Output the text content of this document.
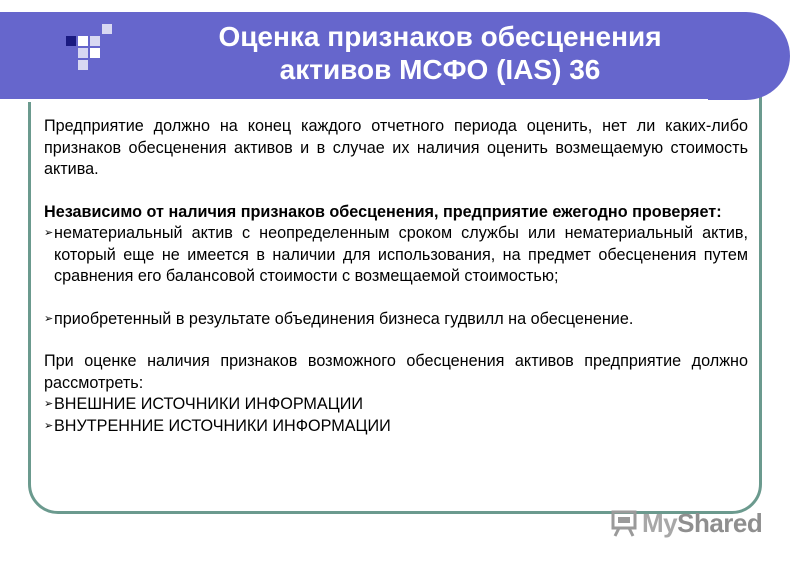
Оценка признаков обесценения
активов МСФО (IAS) 36

Предприятие должно на конец каждого отчетного периода оценить, нет ли каких-либо признаков обесценения активов и в случае их наличия оценить возмещаемую стоимость актива.

Независимо от наличия признаков обесценения, предприятие ежегодно проверяет:

➢ нематериальный актив с неопределенным сроком службы или нематериальный актив, который еще не имеется в наличии для использования, на предмет обесценения путем сравнения его балансовой стоимости с возмещаемой стоимостью;
➢ приобретенный в результате объединения бизнеса гудвилл на обесценение.

При оценке наличия признаков возможного обесценения активов предприятие должно рассмотреть:

➢ ВНЕШНИЕ ИСТОЧНИКИ ИНФОРМАЦИИ
➢ ВНУТРЕННИЕ ИСТОЧНИКИ ИНФОРМАЦИИ
MyShared
